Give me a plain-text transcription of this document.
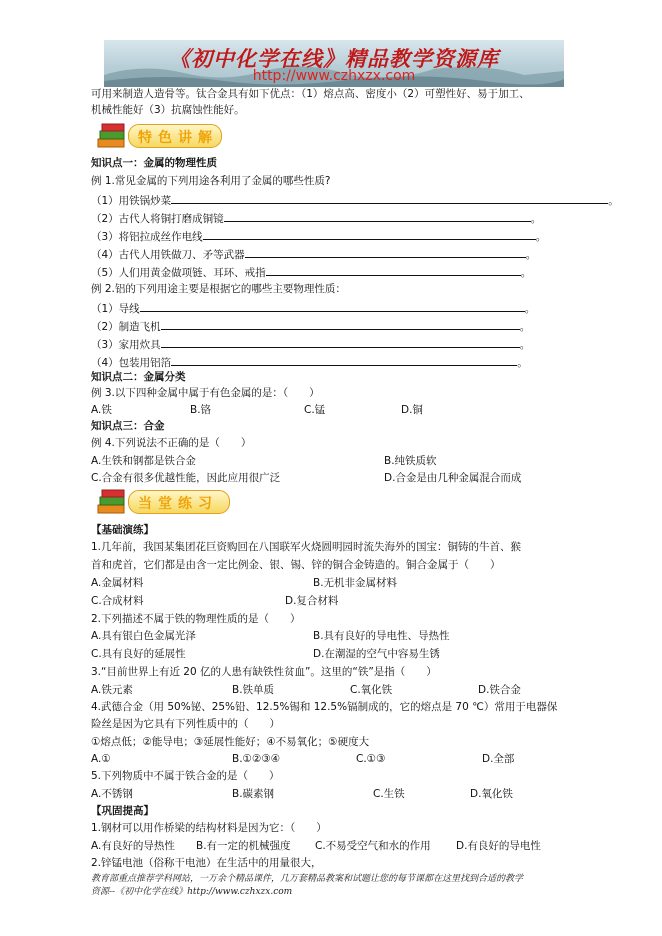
《初中化学在线》精品教学资源库
http://www.czhxzx.com
可用来制造人造骨等。钛合金具有如下优点：（1）熔点高、密度小（2）可塑性好、易于加工、
机械性能好（3）抗腐蚀性能好。
特色讲解
知识点一：金属的物理性质
例 1.常见金属的下列用途各利用了金属的哪些性质?
（1）用铁锅炒菜	。
（2）古代人将铜打磨成铜镜	。
（3）将铝拉成丝作电线	。
（4）古代人用铁做刀、矛等武器	。
（5）人们用黄金做项链、耳环、戒指	。
例 2.铝的下列用途主要是根据它的哪些主要物理性质：
（1）导线	。
（2）制造飞机	。
（3）家用炊具	。
（4）包装用铝箔	。
知识点二：金属分类
例 3.以下四种金属中属于有色金属的是：（　　）
A.铁	B.铬	C.锰	D.铜
知识点三：合金
例 4.下列说法不正确的是（　　）
A.生铁和钢都是铁合金	B.纯铁质软
C.合金有很多优越性能，因此应用很广泛	D.合金是由几种金属混合而成
当堂练习
【基础演练】
1.几年前，我国某集团花巨资购回在八国联军火烧圆明园时流失海外的国宝：铜铸的牛首、猴
首和虎首，它们都是由含一定比例金、银、锡、锌的铜合金铸造的。铜合金属于（　　）
A.金属材料	B.无机非金属材料
C.合成材料	D.复合材料
2.下列描述不属于铁的物理性质的是（　　）
A.具有银白色金属光泽	B.具有良好的导电性、导热性
C.具有良好的延展性	D.在潮湿的空气中容易生锈
3.“目前世界上有近 20 亿的人患有缺铁性贫血”。这里的“铁”是指（　　）
A.铁元素	B.铁单质	C.氧化铁	D.铁合金
4.武德合金（用 50%铋、25%铅、12.5%锡和 12.5%镉制成的，它的熔点是 70 ℃）常用于电器保
险丝是因为它具有下列性质中的（　　）
①熔点低；②能导电；③延展性能好；④不易氧化；⑤硬度大
A.①	B.①②③④	C.①③	D.全部
5.下列物质中不属于铁合金的是（　　）
A.不锈钢	B.碳素钢	C.生铁	D.氧化铁
【巩固提高】
1.钢材可以用作桥梁的结构材料是因为它：（　　）
A.有良好的导热性 B.有一定的机械强度 C.不易受空气和水的作用 D.有良好的导电性
2.锌锰电池（俗称干电池）在生活中的用量很大，
教育部重点推荐学科网站，一万余个精品课件，几万套精品教案和试题让您的每节课都在这里找到合适的教学
资源--《初中化学在线》http://www.czhxzx.com
